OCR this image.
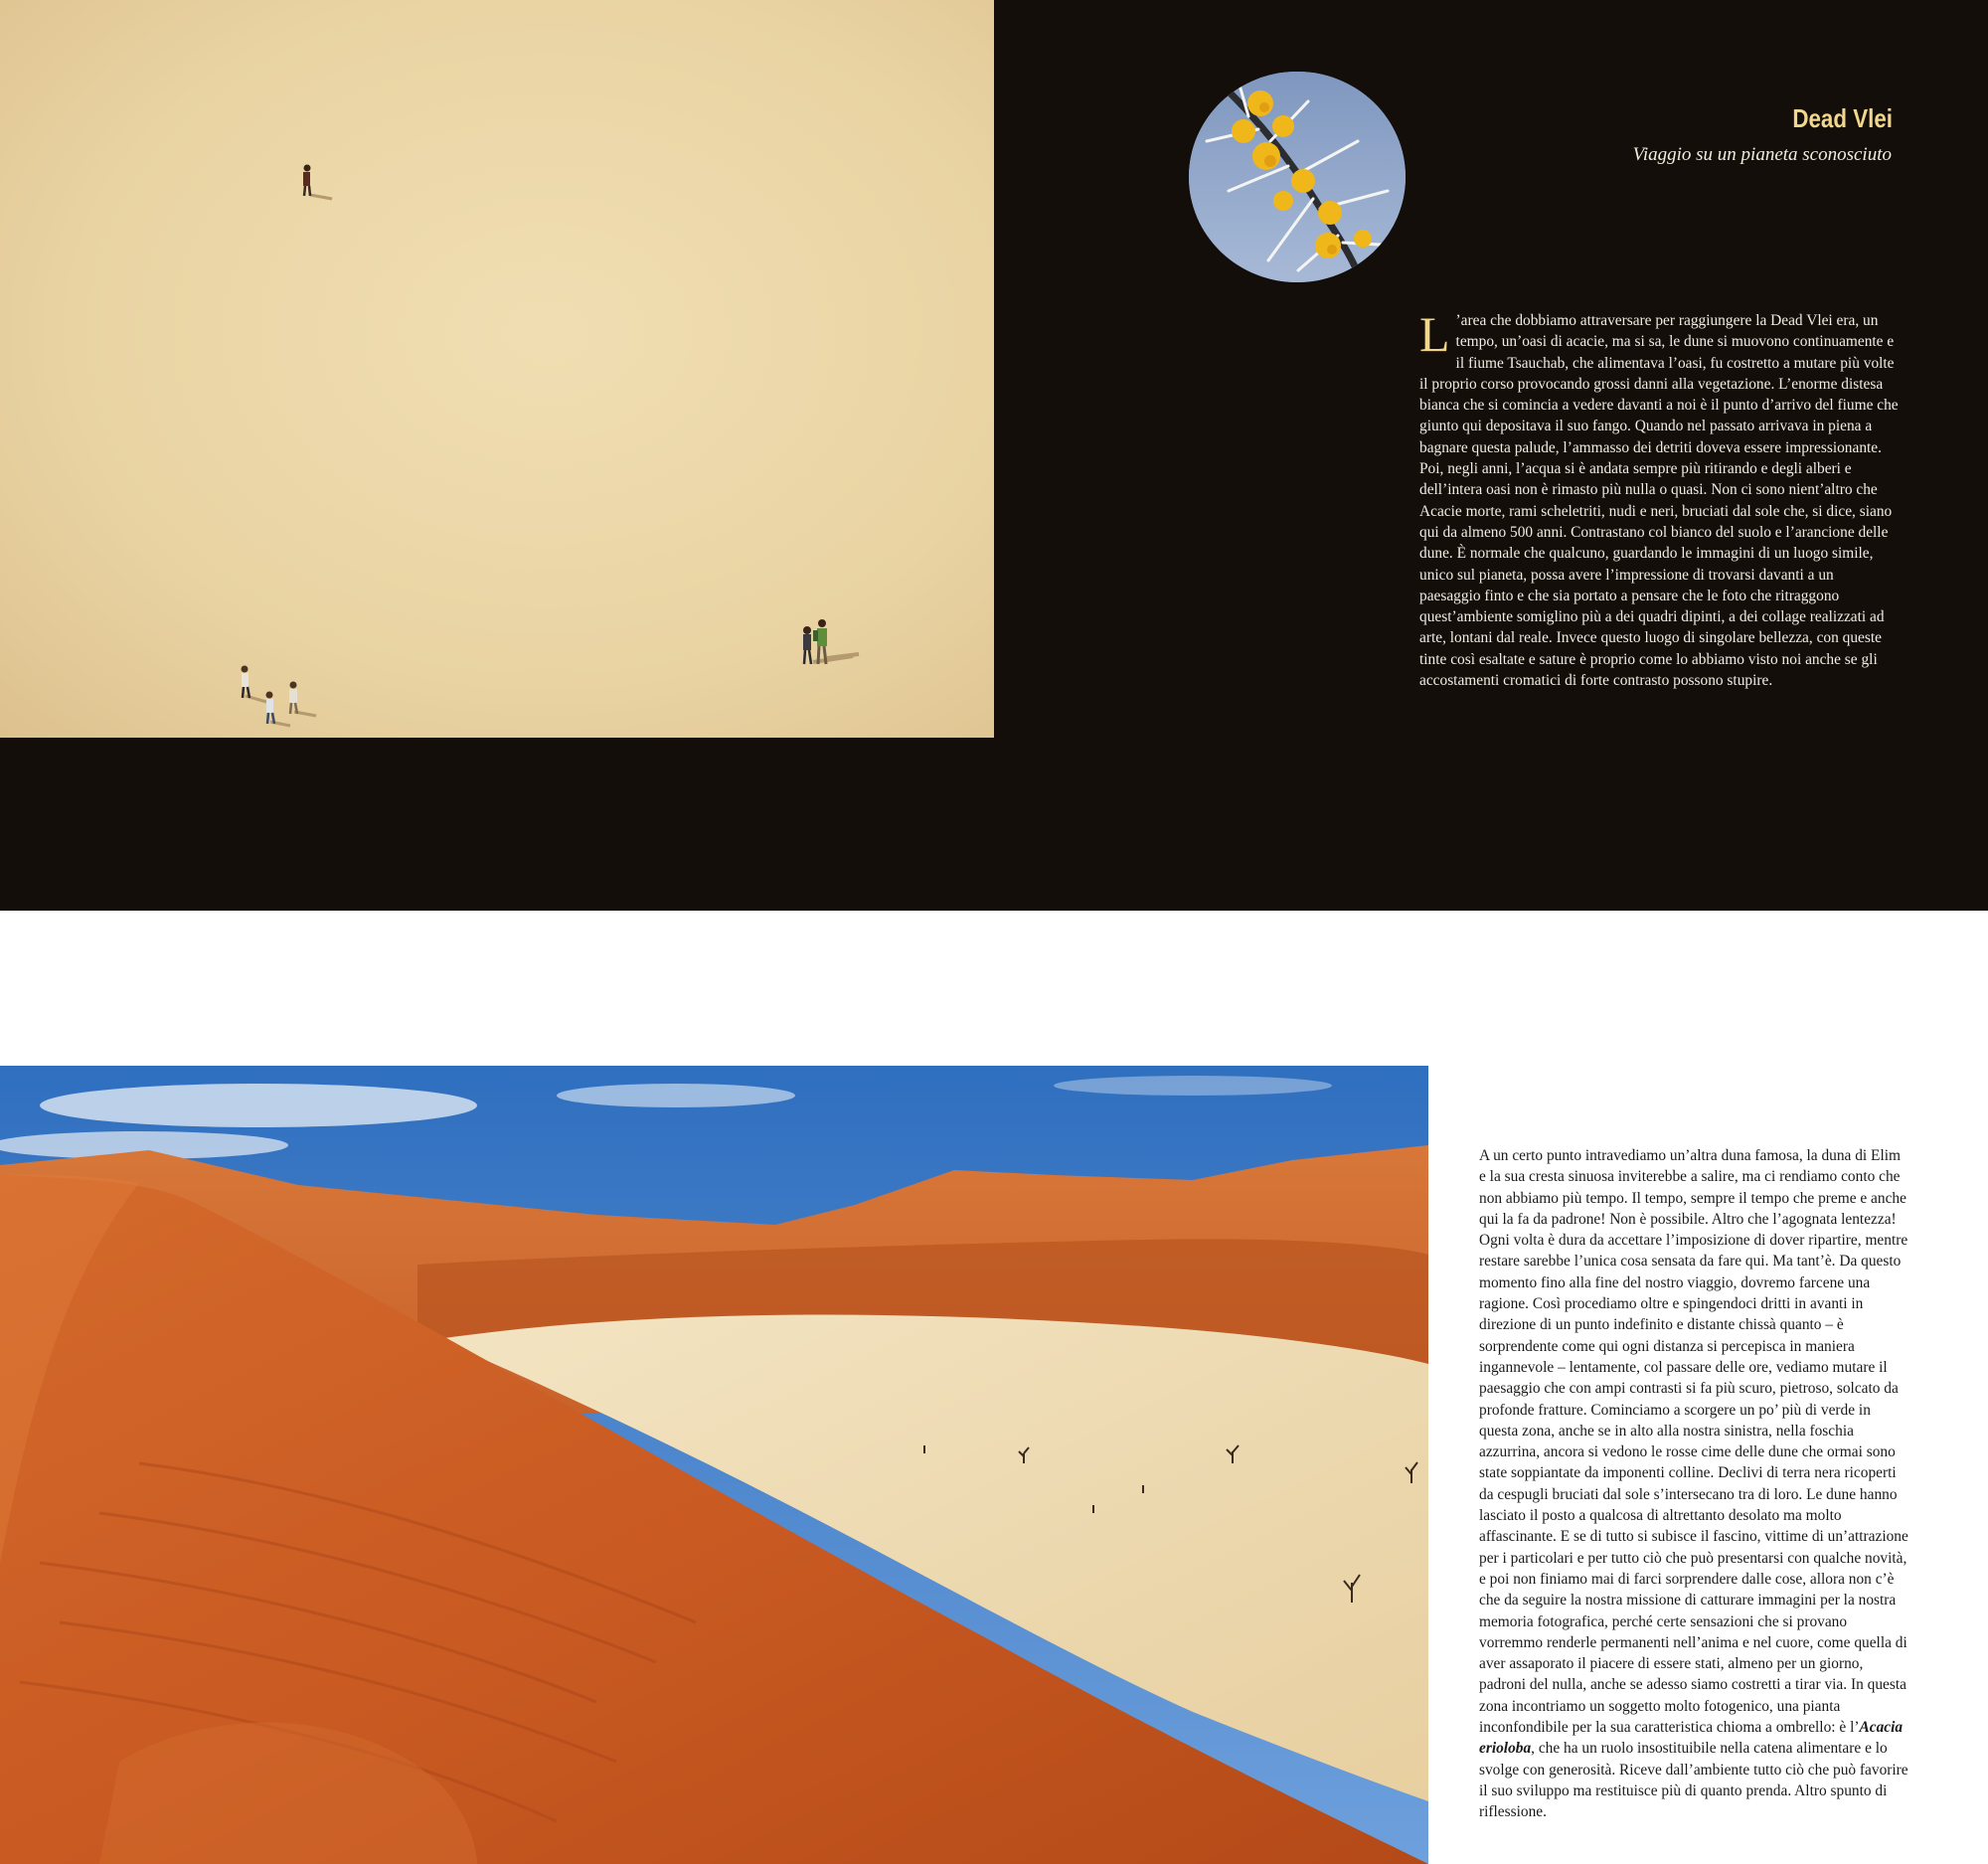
Dead Vlei
Viaggio su un pianeta sconosciuto
L ’area che dobbiamo attraversare per raggiungere la Dead Vlei era, un tempo, un’oasi di acacie, ma si sa, le dune si muovono continuamente e il fiume Tsauchab, che alimentava l’oasi, fu costretto a mutare più volte il proprio corso provocando grossi danni alla vegetazione. L’enorme distesa bianca che si comincia a vedere davanti a noi è il punto d’arrivo del fiume che giunto qui depositava il suo fango. Quando nel passato arrivava in piena a bagnare questa palude, l’ammasso dei detriti doveva essere impressionante. Poi, negli anni, l’acqua si è andata sempre più ritirando e degli alberi e dell’intera oasi non è rimasto più nulla o quasi. Non ci sono nient’altro che Acacie morte, rami scheletriti, nudi e neri, bruciati dal sole che, si dice, siano qui da almeno 500 anni. Contrastano col bianco del suolo e l’arancione delle dune. È normale che qualcuno, guardando le immagini di un luogo simile, unico sul pianeta, possa avere l’impressione di trovarsi davanti a un paesaggio finto e che sia portato a pensare che le foto che ritraggono quest’ambiente somiglino più a dei quadri dipinti, a dei collage realizzati ad arte, lontani dal reale. Invece questo luogo di singolare bellezza, con queste tinte così esaltate e sature è proprio come lo abbiamo visto noi anche se gli accostamenti cromatici di forte contrasto possono stupire.
A un certo punto intravediamo un’altra duna famosa, la duna di Elim e la sua cresta sinuosa inviterebbe a salire, ma ci rendiamo conto che non abbiamo più tempo. Il tempo, sempre il tempo che preme e anche qui la fa da padrone! Non è possibile. Altro che l’agognata lentezza! Ogni volta è dura da accettare l’imposizione di dover ripartire, mentre restare sarebbe l’unica cosa sensata da fare qui. Ma tant’è. Da questo momento fino alla fine del nostro viaggio, dovremo farcene una ragione. Così procediamo oltre e spingendoci dritti in avanti in direzione di un punto indefinito e distante chissà quanto – è sorprendente come qui ogni distanza si percepisca in maniera ingannevole – lentamente, col passare delle ore, vediamo mutare il paesaggio che con ampi contrasti si fa più scuro, pietroso, solcato da profonde fratture. Cominciamo a scorgere un po’ più di verde in questa zona, anche se in alto alla nostra sinistra, nella foschia azzurrina, ancora si vedono le rosse cime delle dune che ormai sono state soppiantate da imponenti colline. Declivi di terra nera ricoperti da cespugli bruciati dal sole s’intersecano tra di loro. Le dune hanno lasciato il posto a qualcosa di altrettanto desolato ma molto affascinante. E se di tutto si subisce il fascino, vittime di un’attrazione per i particolari e per tutto ciò che può presentarsi con qualche novità, e poi non finiamo mai di farci sorprendere dalle cose, allora non c’è che da seguire la nostra missione di catturare immagini per la nostra memoria fotografica, perché certe sensazioni che si provano vorremmo renderle permanenti nell’anima e nel cuore, come quella di aver assaporato il piacere di essere stati, almeno per un giorno, padroni del nulla, anche se adesso siamo costretti a tirar via. In questa zona incontriamo un soggetto molto fotogenico, una pianta inconfondibile per la sua caratteristica chioma a ombrello: è l’Acacia erioloba, che ha un ruolo insostituibile nella catena alimentare e lo svolge con generosità. Riceve dall’ambiente tutto ciò che può favorire il suo sviluppo ma restituisce più di quanto prenda. Altro spunto di riflessione.
